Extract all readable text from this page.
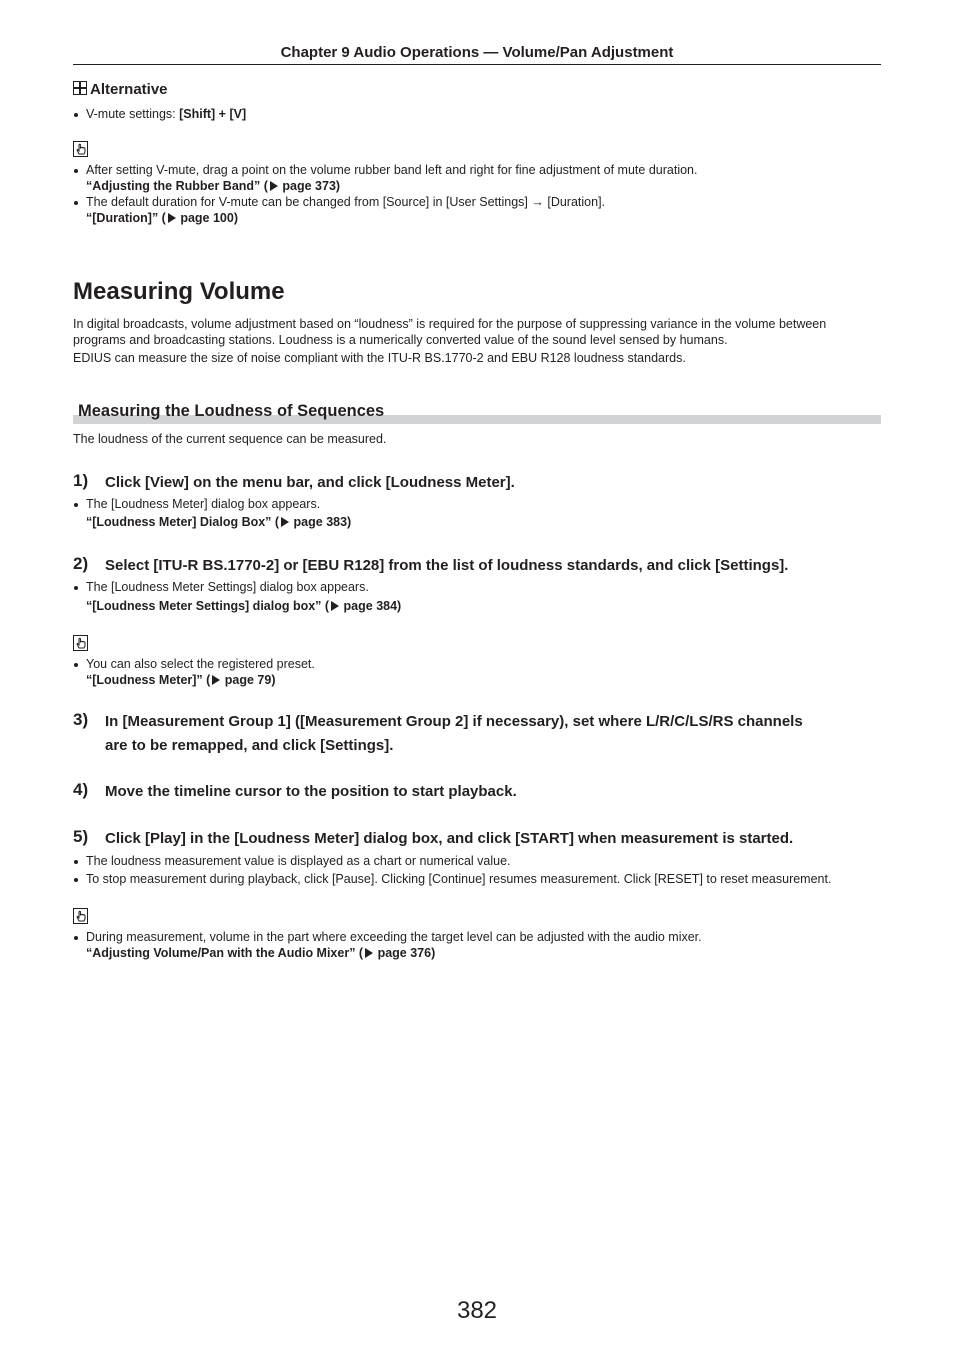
Chapter 9 Audio Operations — Volume/Pan Adjustment
Alternative
V-mute settings: [Shift] + [V]
After setting V-mute, drag a point on the volume rubber band left and right for fine adjustment of mute duration.
“Adjusting the Rubber Band” ( page 373)
The default duration for V-mute can be changed from [Source] in [User Settings] → [Duration].
“[Duration]” ( page 100)
Measuring Volume
In digital broadcasts, volume adjustment based on “loudness” is required for the purpose of suppressing variance in the volume between
programs and broadcasting stations. Loudness is a numerically converted value of the sound level sensed by humans.
EDIUS can measure the size of noise compliant with the ITU-R BS.1770-2 and EBU R128 loudness standards.
Measuring the Loudness of Sequences
The loudness of the current sequence can be measured.
1) Click [View] on the menu bar, and click [Loudness Meter].
The [Loudness Meter] dialog box appears.
“[Loudness Meter] Dialog Box” ( page 383)
2) Select [ITU-R BS.1770-2] or [EBU R128] from the list of loudness standards, and click [Settings].
The [Loudness Meter Settings] dialog box appears.
“[Loudness Meter Settings] dialog box” ( page 384)
You can also select the registered preset.
“[Loudness Meter]” ( page 79)
3) In [Measurement Group 1] ([Measurement Group 2] if necessary), set where L/R/C/LS/RS channels
are to be remapped, and click [Settings].
4) Move the timeline cursor to the position to start playback.
5) Click [Play] in the [Loudness Meter] dialog box, and click [START] when measurement is started.
The loudness measurement value is displayed as a chart or numerical value.
To stop measurement during playback, click [Pause]. Clicking [Continue] resumes measurement. Click [RESET] to reset measurement.
During measurement, volume in the part where exceeding the target level can be adjusted with the audio mixer.
“Adjusting Volume/Pan with the Audio Mixer” ( page 376)
382
